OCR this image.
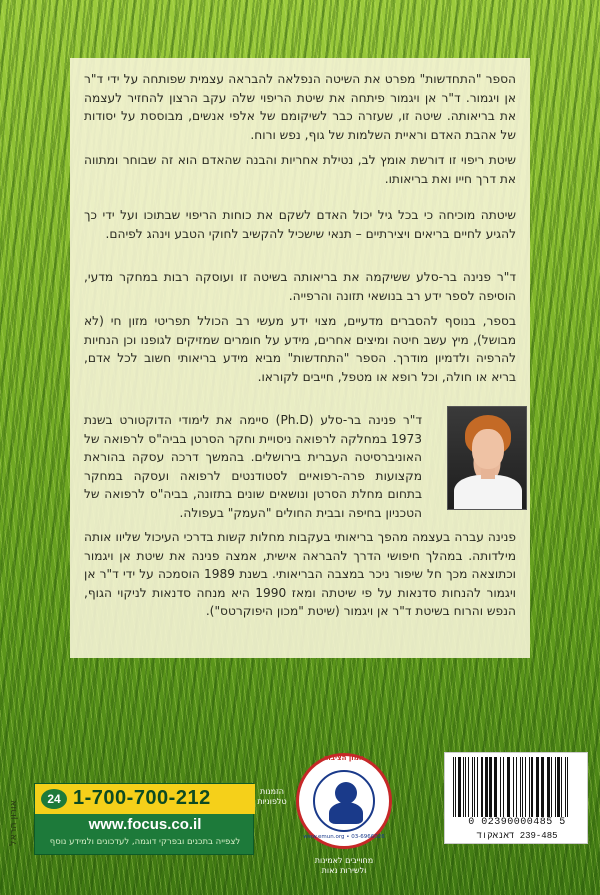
הספר "התחדשות" מפרט את השיטה הנפלאה להבראה עצמית שפותחה על ידי ד"ר אן ויגמור. ד"ר אן ויגמור פיתחה את שיטת הריפוי שלה עקב הרצון להחזיר לעצמה את בריאותה. שיטה זו, שעזרה כבר לשיקומם של אלפי אנשים, מבוססת על יסודות של אהבת האדם וראיית השלמות של גוף, נפש ורוח.

שיטת ריפוי זו דורשת אומץ לב, נטילת אחריות והבנה שהאדם הוא זה שבוחר ומתווה את דרך חייו ואת בריאותו.

שיטתה מוכיחה כי בכל גיל יכול האדם לשקם את כוחות הריפוי שבתוכו ועל ידי כך להגיע לחיים בריאים ויצירתיים – תנאי שישכיל להקשיב לחוקי הטבע וינהג לפיהם.

ד"ר פנינה בר-סלע ששיקמה את בריאותה בשיטה זו ועוסקה רבות במחקר מדעי, הוסיפה לספר ידע רב בנושאי תזונה והרפייה.

בספר, בנוסף להסברים מדעיים, מצוי ידע מעשי רב הכולל תפריטי מזון חי (לא מבושל), מיץ עשב חיטה ומיצים אחרים, מידע על חומרים שמזיקים לגופנו וכן הנחיות להרפיה ולדמיון מודרך. הספר "התחדשות" מביא מידע בריאותי חשוב לכל אדם, בריא או חולה, וכל רופא או מטפל, חייבים לקוראו.

ד"ר פנינה בר-סלע (Ph.D) סיימה את לימודי הדוקטורט בשנת 1973 במחלקה לרפואה ניסויית וחקר הסרטן בביה"ס לרפואה של האוניברסיטה העברית בירושלים. בהמשך דרכה עסקה בהוראת מקצועות פרה-רפואיים לסטודנטים לרפואה ועסקה במחקר בתחום מחלת הסרטן ונושאים שונים בתזונה, בביה"ס לרפואה של הטכניון בחיפה ובבית החולים "העמק" בעפולה.

פנינה עברה בעצמה מהפך בריאותי בעקבות מחלות קשות בדרכי העיכול שליוו אותה מילדותה. במהלך חיפושי הדרך להבראה אישית, אמצה פנינה את שיטת אן ויגמור וכתוצאה מכך חל שיפור ניכר במצבה הבריאותי. בשנת 1989 הוסמכה על ידי ד"ר אן ויגמור להנחות סדנאות על פי שיטתה ומאז 1990 היא מנחה סדנאות לניקוי הגוף, הנפש והרוח בשיטת ד"ר אן ויגמור (שיטת "מכון היפוקרטס").

24 1-700-700-212
www.focus.co.il
לצפייה בתכנים ובפרקי דוגמה, לעדכונים ולמידע נוסף
הזמנות טלפוניות
אורון הראל
אמון הציבור
www.emun.org • 03-6966026
מחוייבים לאמינות
ולשירות נאות
0 02390000485 5
239-485 דאנאקוד
